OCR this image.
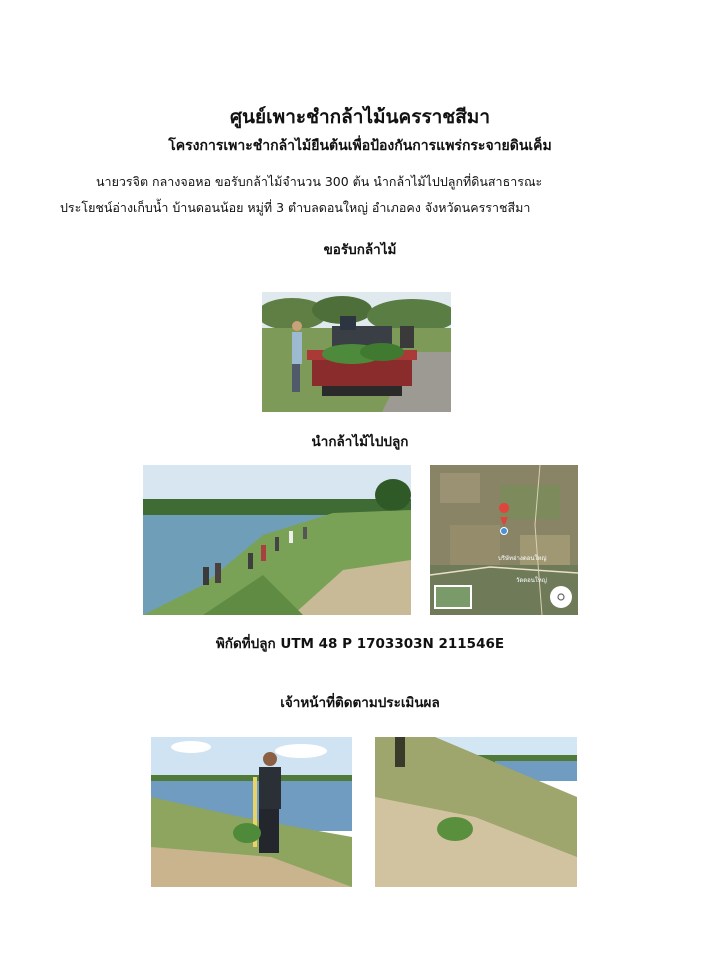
ศูนย์เพาะชำกล้าไม้นครราชสีมา
โครงการเพาะชำกล้าไม้ยืนต้นเพื่อป้องกันการแพร่กระจายดินเค็ม
นายวรจิต กลางจอหอ ขอรับกล้าไม้จำนวน 300 ต้น นำกล้าไม้ไปปลูกที่ดินสาธารณะ
ประโยชน์อ่างเก็บน้ำ บ้านดอนน้อย หมู่ที่ 3 ตำบลดอนใหญ่ อำเภอคง จังหวัดนครราชสีมา
ขอรับกล้าไม้
นำกล้าไม้ไปปลูก
บริษัทอ่างดอนใหญ่
วัดดอนใหญ่
พิกัดที่ปลูก UTM 48 P 1703303N 211546E
เจ้าหน้าที่ติดตามประเมินผล
